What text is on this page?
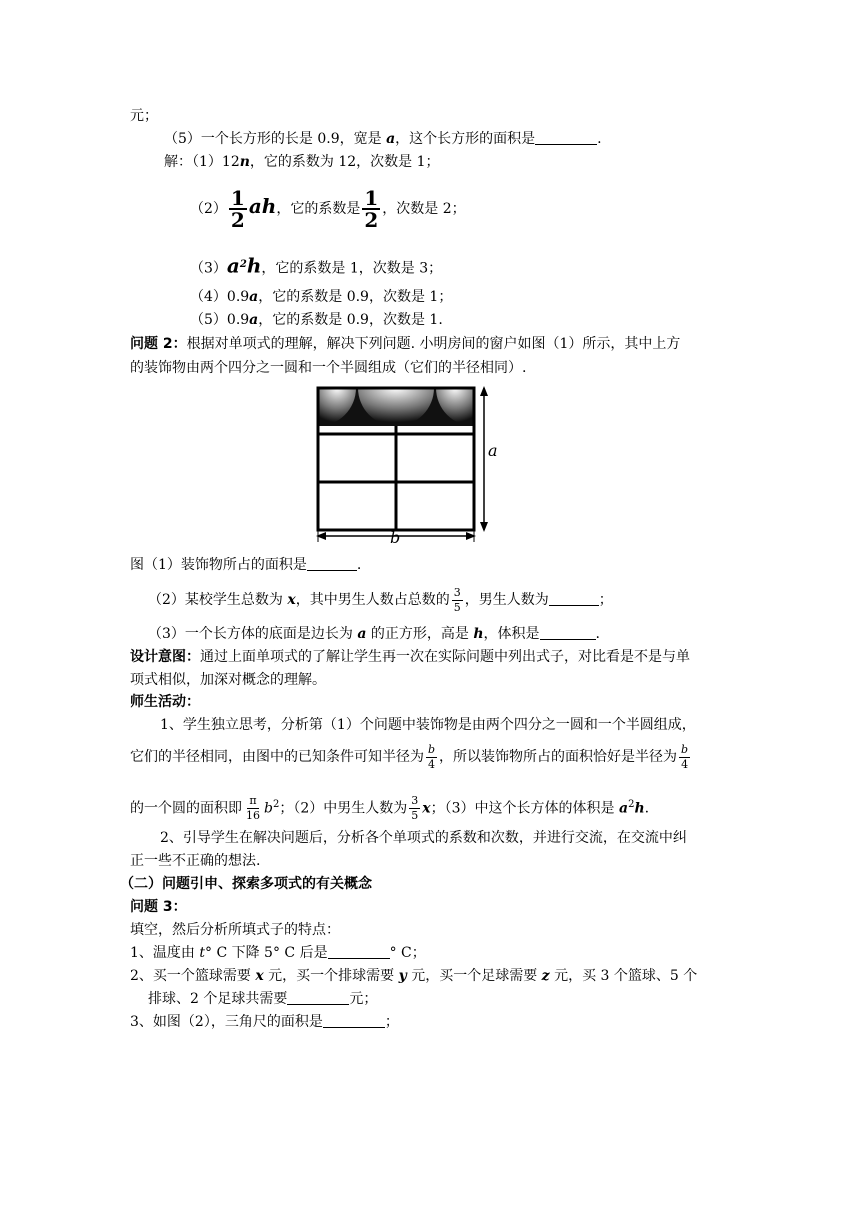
元；
（5）一个长方形的长是 0.9，宽是 a，这个长方形的面积是	.
解：（1）12n，它的系数为 12，次数是 1；
$(2) \frac{1}{2}$ ah，它的系数是 $\frac{1}{2}$ ，次数是 2；
$(3)a^2h$，它的系数是 1，次数是 3；
（4）0.9a，它的系数是 0.9，次数是 1；
（5）0.9a，它的系数是 0.9，次数是 1.
问题 2：根据对单项式的理解，解决下列问题. 小明房间的窗户如图（1）所示，其中上方
的装饰物由两个四分之一圆和一个半圆组成（它们的半径相同）.
a
b
图（1）装饰物所占的面积是	.
（2）某校学生总数为 x，其中男生人数占总数的 $\frac{3}{5}$ ，男生人数为	；
（3）一个长方体的底面是边长为 a 的正方形，高是 h，体积是	.
设计意图：通过上面单项式的了解让学生再一次在实际问题中列出式子，对比看是不是与单
项式相似，加深对概念的理解。
师生活动：
1、学生独立思考，分析第（1）个问题中装饰物是由两个四分之一圆和一个半圆组成，
它们的半径相同，由图中的已知条件可知半径为 $\frac{b}{4}$ ，所以装饰物所占的面积恰好是半径为 $\frac{b}{4}$
的一个圆的面积即 $\frac{\pi}{16} b^2$；（2）中男生人数为 $\frac{3}{5}$ x；（3）中这个长方体的体积是 $a^2h$.
2、引导学生在解决问题后，分析各个单项式的系数和次数，并进行交流，在交流中纠
正一些不正确的想法.
（二）问题引申、探索多项式的有关概念
问题 3：
填空，然后分析所填式子的特点：
1、温度由 t° C 下降 5° C 后是	° C；
2、买一个篮球需要 x 元，买一个排球需要 y 元，买一个足球需要 z 元，买 3 个篮球、5 个
排球、2 个足球共需要	元；
3、如图（2），三角尺的面积是	；
